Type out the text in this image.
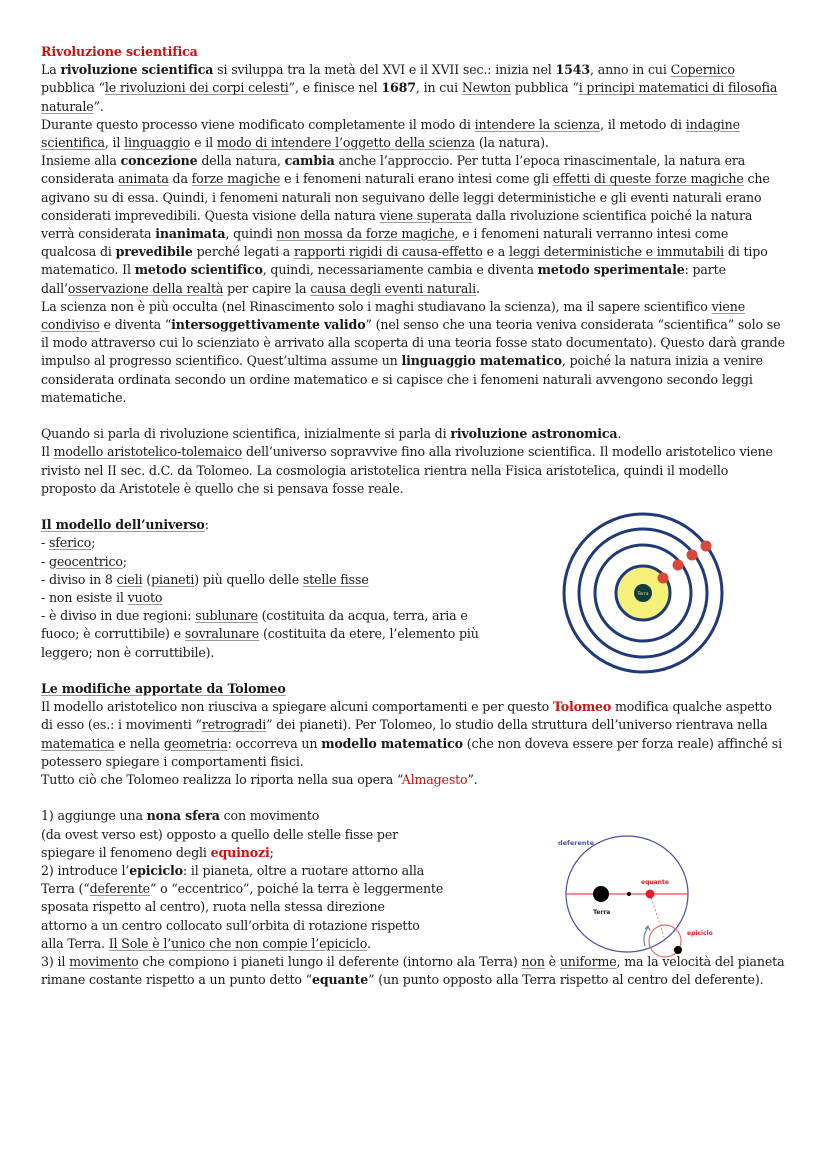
Rivoluzione scientifica

La rivoluzione scientifica si sviluppa tra la metà del XVI e il XVII sec.: inizia nel 1543, anno in cui Copernico pubblica “le rivoluzioni dei corpi celesti”, e finisce nel 1687, in cui Newton pubblica “i principi matematici di filosofia naturale”.

Durante questo processo viene modificato completamente il modo di intendere la scienza, il metodo di indagine scientifica, il linguaggio e il modo di intendere l’oggetto della scienza (la natura).

Insieme alla concezione della natura, cambia anche l’approccio. Per tutta l’epoca rinascimentale, la natura era considerata animata da forze magiche e i fenomeni naturali erano intesi come gli effetti di queste forze magiche che agivano su di essa. Quindi, i fenomeni naturali non seguivano delle leggi deterministiche e gli eventi naturali erano considerati imprevedibili. Questa visione della natura viene superata dalla rivoluzione scientifica poiché la natura verrà considerata inanimata, quindi non mossa da forze magiche, e i fenomeni naturali verranno intesi come qualcosa di prevedibile perché legati a rapporti rigidi di causa-effetto e a leggi deterministiche e immutabili di tipo matematico. Il metodo scientifico, quindi, necessariamente cambia e diventa metodo sperimentale: parte dall’osservazione della realtà per capire la causa degli eventi naturali.

La scienza non è più occulta (nel Rinascimento solo i maghi studiavano la scienza), ma il sapere scientifico viene condiviso e diventa “intersoggettivamente valido” (nel senso che una teoria veniva considerata “scientifica” solo se il modo attraverso cui lo scienziato è arrivato alla scoperta di una teoria fosse stato documentato). Questo darà grande impulso al progresso scientifico. Quest’ultima assume un linguaggio matematico, poiché la natura inizia a venire considerata ordinata secondo un ordine matematico e si capisce che i fenomeni naturali avvengono secondo leggi matematiche.

Quando si parla di rivoluzione scientifica, inizialmente si parla di rivoluzione astronomica.
Il modello aristotelico-tolemaico dell’universo sopravvive fino alla rivoluzione scientifica. Il modello aristotelico viene rivisto nel II sec. d.C. da Tolomeo. La cosmologia aristotelica rientra nella Fisica aristotelica, quindi il modello proposto da Aristotele è quello che si pensava fosse reale.

Il modello dell’universo:

- sferico;

- geocentrico;

- diviso in 8 cieli (pianeti) più quello delle stelle fisse

- non esiste il vuoto

- è diviso in due regioni: sublunare (costituita da acqua, terra, aria e fuoco; è corruttibile) e sovralunare (costituita da etere, l’elemento più leggero; non è corruttibile).

Le modifiche apportate da Tolomeo

Il modello aristotelico non riusciva a spiegare alcuni comportamenti e per questo Tolomeo modifica qualche aspetto di esso (es.: i movimenti “retrogradi” dei pianeti). Per Tolomeo, lo studio della struttura dell’universo rientrava nella matematica e nella geometria: occorreva un modello matematico (che non doveva essere per forza reale) affinché si potessero spiegare i comportamenti fisici.

Tutto ciò che Tolomeo realizza lo riporta nella sua opera “Almagesto”.

1) aggiunge una nona sfera con movimento
(da ovest verso est) opposto a quello delle stelle fisse per
spiegare il fenomeno degli equinozi;

2) introduce l’epiciclo: il pianeta, oltre a ruotare attorno alla
Terra (“deferente” o “eccentrico”, poiché la terra è leggermente
sposata rispetto al centro), ruota nella stessa direzione
attorno a un centro collocato sull’orbita di rotazione rispetto
alla Terra. Il Sole è l’unico che non compie l’epiciclo.

3) il movimento che compiono i pianeti lungo il deferente (intorno ala Terra) non è uniforme, ma la velocità del pianeta rimane costante rispetto a un punto detto “equante” (un punto opposto alla Terra rispetto al centro del deferente).

Terra
deferente
Terra
equante
epiciclo
